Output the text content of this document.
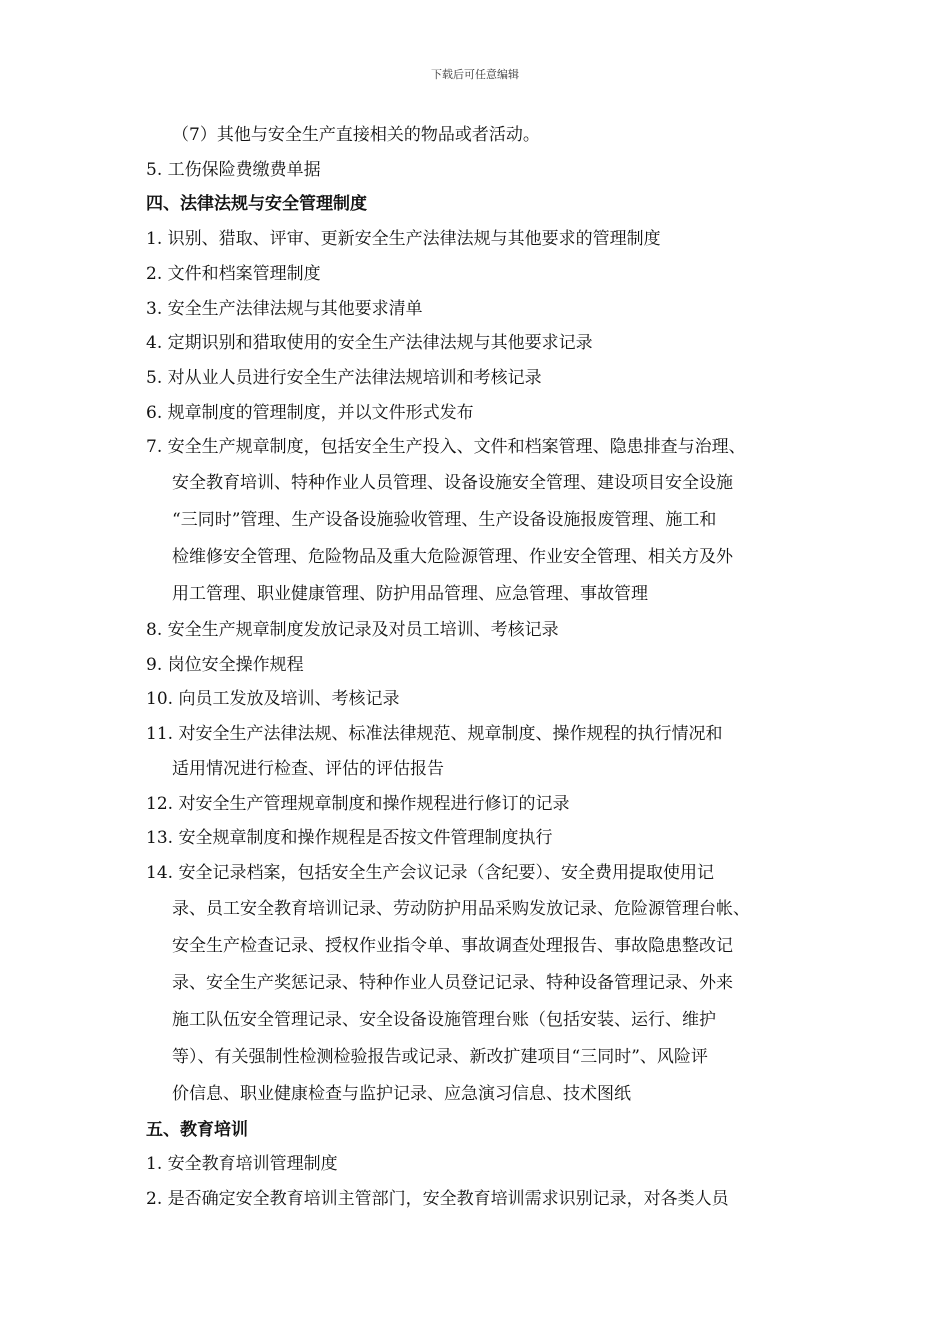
下载后可任意编辑
（7）其他与安全生产直接相关的物品或者活动。
5. 工伤保险费缴费单据
四、法律法规与安全管理制度
1. 识别、猎取、评审、更新安全生产法律法规与其他要求的管理制度
2. 文件和档案管理制度
3. 安全生产法律法规与其他要求清单
4. 定期识别和猎取使用的安全生产法律法规与其他要求记录
5. 对从业人员进行安全生产法律法规培训和考核记录
6. 规章制度的管理制度，并以文件形式发布
7. 安全生产规章制度，包括安全生产投入、文件和档案管理、隐患排查与治理、
安全教育培训、特种作业人员管理、设备设施安全管理、建设项目安全设施
“三同时”管理、生产设备设施验收管理、生产设备设施报废管理、施工和
检维修安全管理、危险物品及重大危险源管理、作业安全管理、相关方及外
用工管理、职业健康管理、防护用品管理、应急管理、事故管理
8. 安全生产规章制度发放记录及对员工培训、考核记录
9. 岗位安全操作规程
10. 向员工发放及培训、考核记录
11. 对安全生产法律法规、标准法律规范、规章制度、操作规程的执行情况和
适用情况进行检查、评估的评估报告
12. 对安全生产管理规章制度和操作规程进行修订的记录
13. 安全规章制度和操作规程是否按文件管理制度执行
14. 安全记录档案，包括安全生产会议记录（含纪要）、安全费用提取使用记
录、员工安全教育培训记录、劳动防护用品采购发放记录、危险源管理台帐、
安全生产检查记录、授权作业指令单、事故调查处理报告、事故隐患整改记
录、安全生产奖惩记录、特种作业人员登记记录、特种设备管理记录、外来
施工队伍安全管理记录、安全设备设施管理台账（包括安装、运行、维护
等）、有关强制性检测检验报告或记录、新改扩建项目“三同时”、风险评
价信息、职业健康检查与监护记录、应急演习信息、技术图纸
五、教育培训
1. 安全教育培训管理制度
2. 是否确定安全教育培训主管部门，安全教育培训需求识别记录，对各类人员
